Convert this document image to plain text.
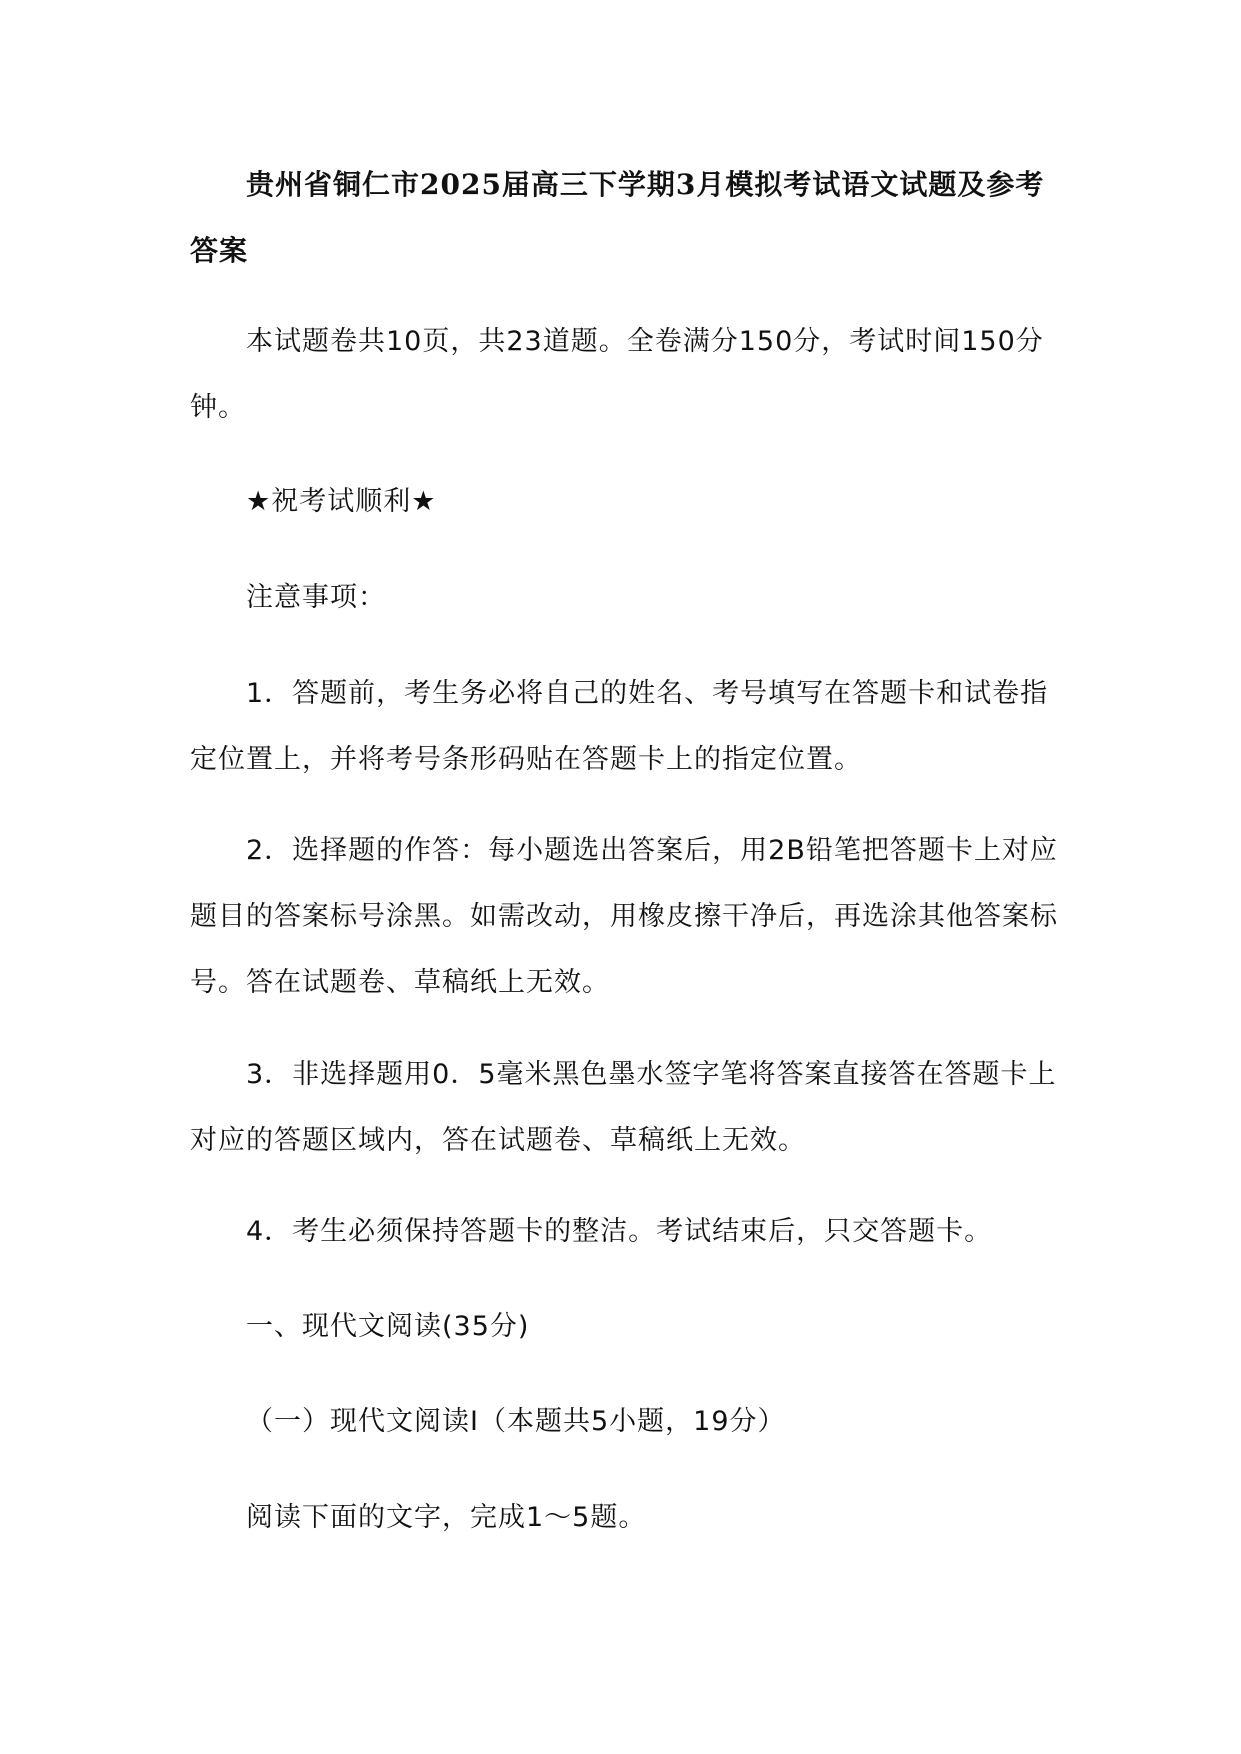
贵州省铜仁市2025届高三下学期3月模拟考试语文试题及参考答案

本试题卷共10页，共23道题。全卷满分150分，考试时间150分钟。

★祝考试顺利★

注意事项：

1．答题前，考生务必将自己的姓名、考号填写在答题卡和试卷指定位置上，并将考号条形码贴在答题卡上的指定位置。

2．选择题的作答：每小题选出答案后，用2B铅笔把答题卡上对应题目的答案标号涂黑。如需改动，用橡皮擦干净后，再选涂其他答案标号。答在试题卷、草稿纸上无效。

3．非选择题用0．5毫米黑色墨水签字笔将答案直接答在答题卡上对应的答题区域内，答在试题卷、草稿纸上无效。

4．考生必须保持答题卡的整洁。考试结束后，只交答题卡。

一、现代文阅读(35分)

（一）现代文阅读Ⅰ（本题共5小题，19分）

阅读下面的文字，完成1～5题。
